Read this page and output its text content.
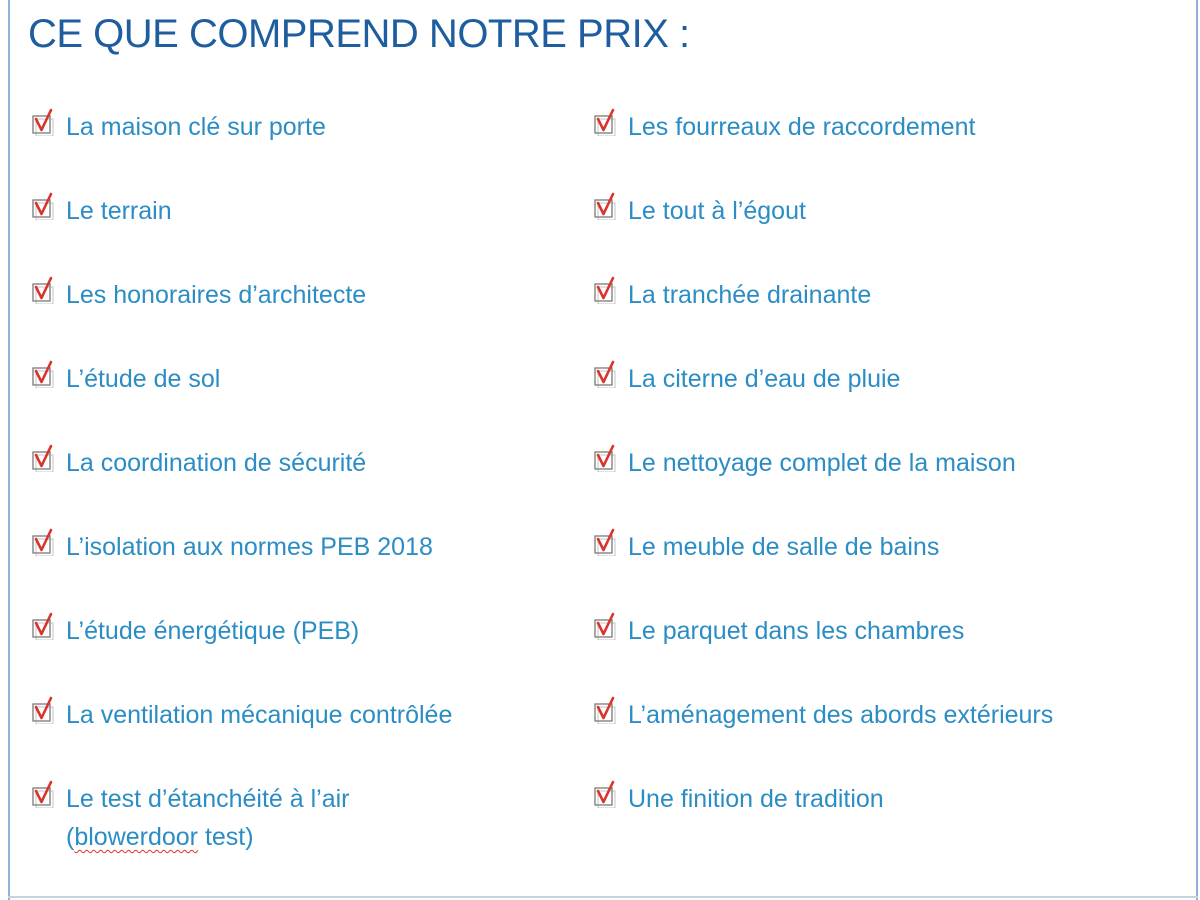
CE QUE COMPREND NOTRE PRIX :
La maison clé sur porte
Le terrain
Les honoraires d’architecte
L’étude de sol
La coordination de sécurité
L’isolation aux normes PEB 2018
L’étude énergétique (PEB)
La ventilation mécanique contrôlée
Le test d’étanchéité à l’air
(blowerdoor test)
Les fourreaux de raccordement
Le tout à l’égout
La tranchée drainante
La citerne d’eau de pluie
Le nettoyage complet de la maison
Le meuble de salle de bains
Le parquet dans les chambres
L’aménagement des abords extérieurs
Une finition de tradition
